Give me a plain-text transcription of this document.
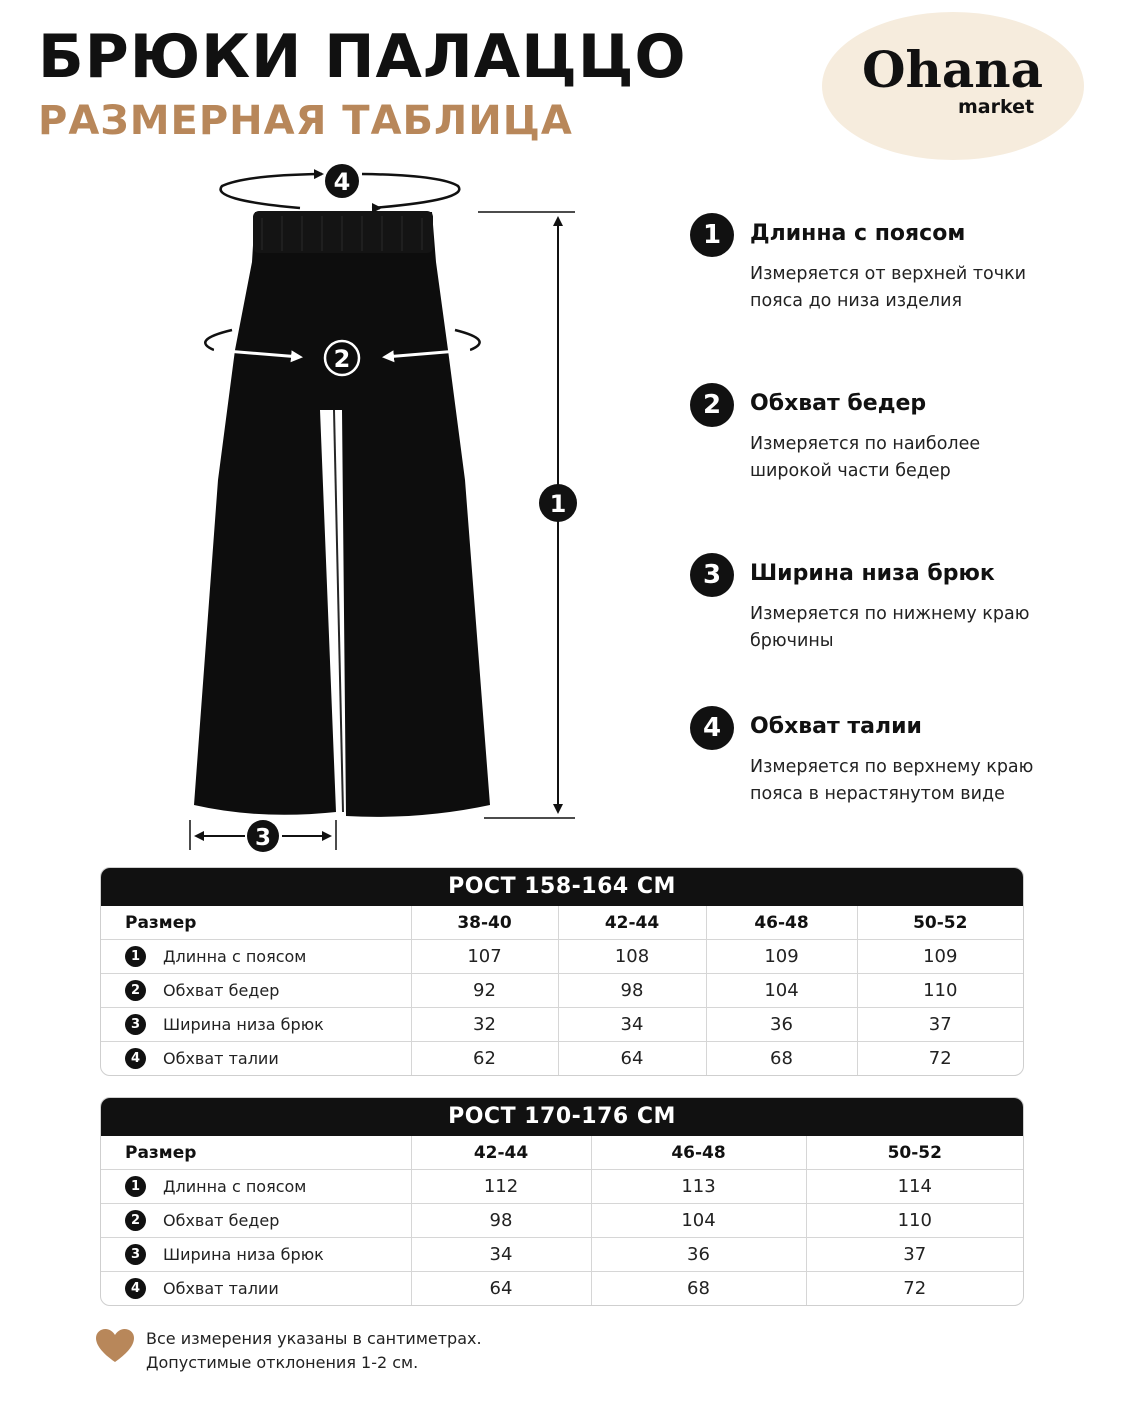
БРЮКИ ПАЛАЦЦО
РАЗМЕРНАЯ ТАБЛИЦА
Ohana
market
4
2
1
3
1	Длинна с поясом
Измеряется от верхней точки пояса до низа изделия
2	Обхват бедер
Измеряется по наиболее широкой части бедер
3	Ширина низа брюк
Измеряется по нижнему краю брючины
4	Обхват талии
Измеряется по верхнему краю пояса в нерастянутом виде
РОСТ 158-164 СМ
Размер	38-40	42-44	46-48	50-52

1 Длинна с поясом	107	108	109	109

2 Обхват бедер	92	98	104	110

3 Ширина низа брюк	32	34	36	37

4 Обхват талии	62	64	68	72
РОСТ 170-176 СМ
Размер	42-44	46-48	50-52

1 Длинна с поясом	112	113	114

2 Обхват бедер	98	104	110

3 Ширина низа брюк	34	36	37

4 Обхват талии	64	68	72
Все измерения указаны в сантиметрах.
Допустимые отклонения 1-2 см.
